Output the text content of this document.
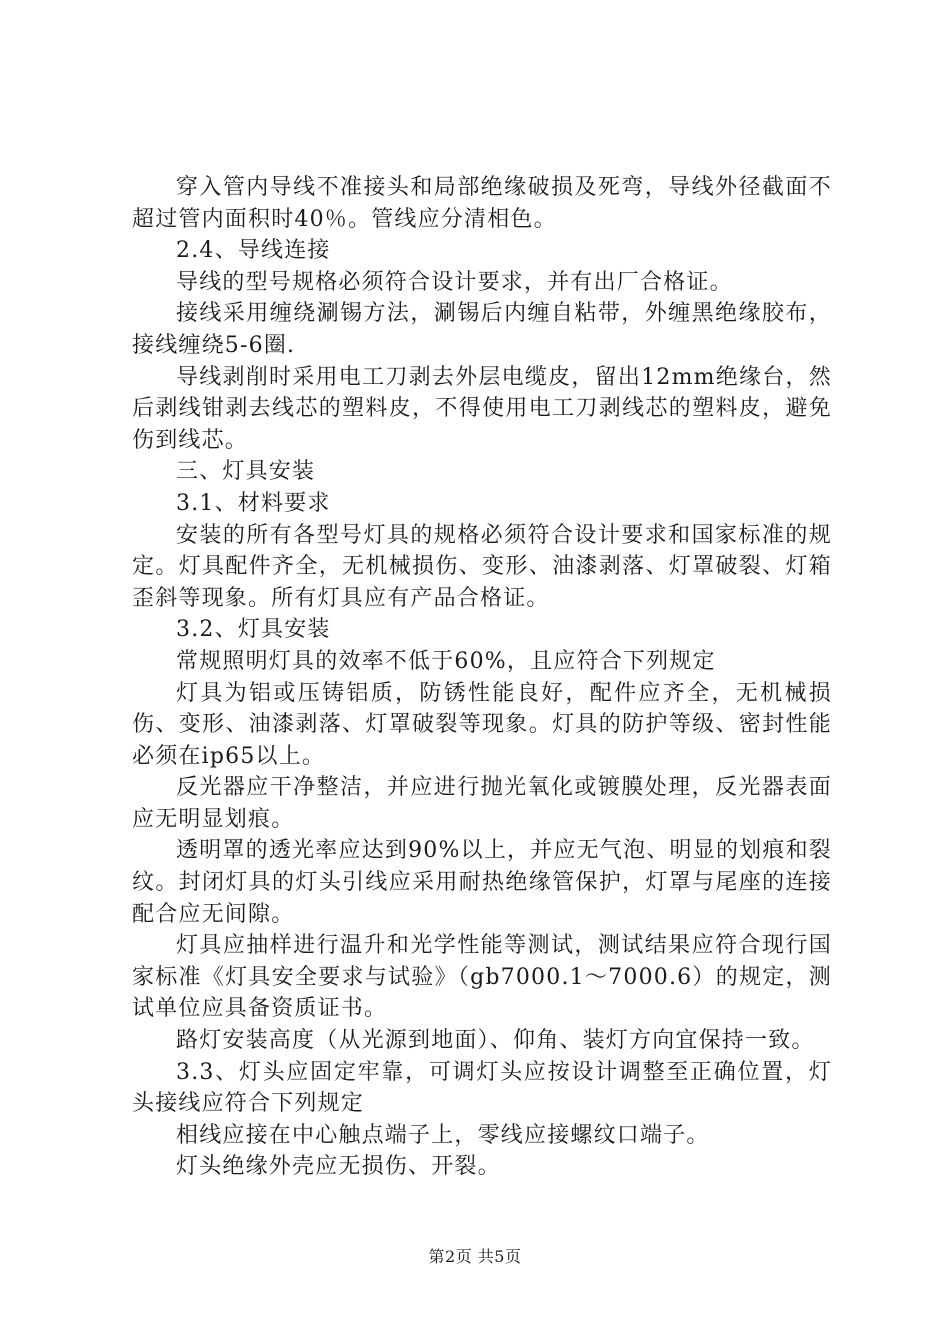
穿入管内导线不准接头和局部绝缘破损及死弯，导线外径截面不超过管内面积时40％。管线应分清相色。

2.4、导线连接

导线的型号规格必须符合设计要求，并有出厂合格证。

接线采用缠绕涮锡方法，涮锡后内缠自粘带，外缠黑绝缘胶布，接线缠绕5-6圈.

导线剥削时采用电工刀剥去外层电缆皮，留出12mm绝缘台，然后剥线钳剥去线芯的塑料皮，不得使用电工刀剥线芯的塑料皮，避免伤到线芯。

三、灯具安装

3.1、材料要求

安装的所有各型号灯具的规格必须符合设计要求和国家标准的规定。灯具配件齐全，无机械损伤、变形、油漆剥落、灯罩破裂、灯箱歪斜等现象。所有灯具应有产品合格证。

3.2、灯具安装

常规照明灯具的效率不低于60%，且应符合下列规定

灯具为铝或压铸铝质，防锈性能良好，配件应齐全，无机械损伤、变形、油漆剥落、灯罩破裂等现象。灯具的防护等级、密封性能必须在ip65以上。

反光器应干净整洁，并应进行抛光氧化或镀膜处理，反光器表面应无明显划痕。

透明罩的透光率应达到90%以上，并应无气泡、明显的划痕和裂纹。封闭灯具的灯头引线应采用耐热绝缘管保护，灯罩与尾座的连接配合应无间隙。

灯具应抽样进行温升和光学性能等测试，测试结果应符合现行国家标准《灯具安全要求与试验》（gb7000.1～7000.6）的规定，测试单位应具备资质证书。

路灯安装高度（从光源到地面）、仰角、装灯方向宜保持一致。

3.3、灯头应固定牢靠，可调灯头应按设计调整至正确位置，灯头接线应符合下列规定

相线应接在中心触点端子上，零线应接螺纹口端子。

灯头绝缘外壳应无损伤、开裂。

第2页 共5页
